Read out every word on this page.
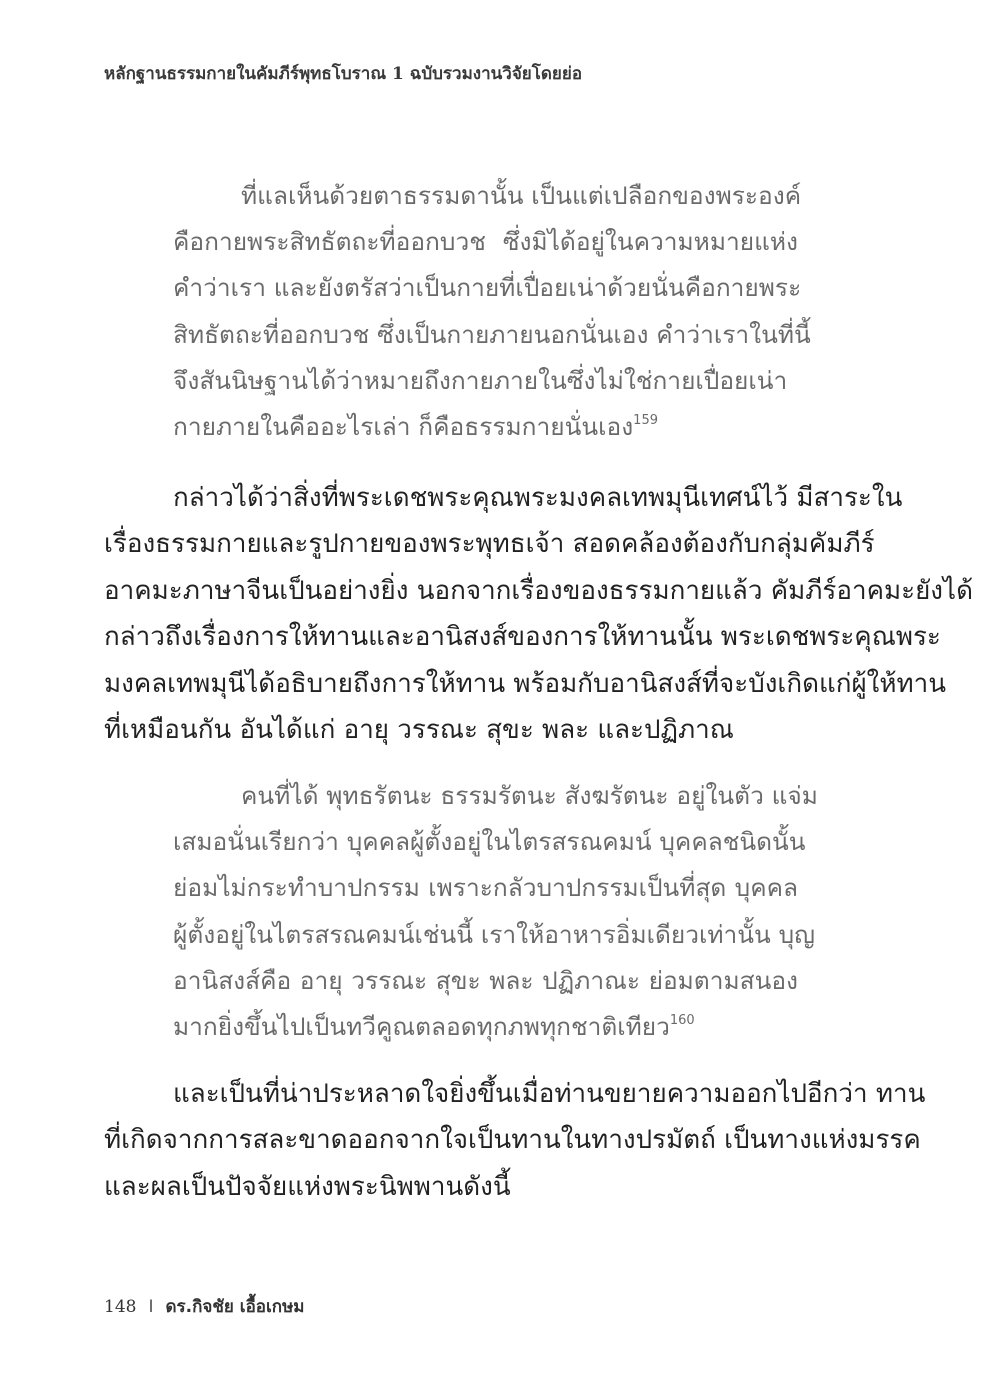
หลักฐานธรรมกายในคัมภีร์พุทธโบราณ 1 ฉบับรวมงานวิจัยโดยย่อ
ที่แลเห็นด้วยตาธรรมดานั้น เป็นแต่เปลือกของพระองค์
คือกายพระสิทธัตถะที่ออกบวช ซึ่งมิได้อยู่ในความหมายแห่ง
คำว่าเรา และยังตรัสว่าเป็นกายที่เปื่อยเน่าด้วยนั่นคือกายพระ
สิทธัตถะที่ออกบวช ซึ่งเป็นกายภายนอกนั่นเอง คำว่าเราในที่นี้
จึงสันนิษฐานได้ว่าหมายถึงกายภายในซึ่งไม่ใช่กายเปื่อยเน่า
กายภายในคืออะไรเล่า ก็คือธรรมกายนั่นเอง$^{159}$
กล่าวได้ว่าสิ่งที่พระเดชพระคุณพระมงคลเทพมุนีเทศน์ไว้ มีสาระใน
เรื่องธรรมกายและรูปกายของพระพุทธเจ้า สอดคล้องต้องกับกลุ่มคัมภีร์
อาคมะภาษาจีนเป็นอย่างยิ่ง นอกจากเรื่องของธรรมกายแล้ว คัมภีร์อาคมะยังได้
กล่าวถึงเรื่องการให้ทานและอานิสงส์ของการให้ทานนั้น พระเดชพระคุณพระ
มงคลเทพมุนีได้อธิบายถึงการให้ทาน พร้อมกับอานิสงส์ที่จะบังเกิดแก่ผู้ให้ทาน
ที่เหมือนกัน อันได้แก่ อายุ วรรณะ สุขะ พละ และปฏิภาณ
คนที่ได้ พุทธรัตนะ ธรรมรัตนะ สังฆรัตนะ อยู่ในตัว แจ่ม
เสมอนั่นเรียกว่า บุคคลผู้ตั้งอยู่ในไตรสรณคมน์ บุคคลชนิดนั้น
ย่อมไม่กระทำบาปกรรม เพราะกลัวบาปกรรมเป็นที่สุด บุคคล
ผู้ตั้งอยู่ในไตรสรณคมน์เช่นนี้ เราให้อาหารอิ่มเดียวเท่านั้น บุญ
อานิสงส์คือ อายุ วรรณะ สุขะ พละ ปฏิภาณะ ย่อมตามสนอง
มากยิ่งขึ้นไปเป็นทวีคูณตลอดทุกภพทุกชาติเทียว$^{160}$
และเป็นที่น่าประหลาดใจยิ่งขึ้นเมื่อท่านขยายความออกไปอีกว่า ทาน
ที่เกิดจากการสละขาดออกจากใจเป็นทานในทางปรมัตถ์ เป็นทางแห่งมรรค
และผลเป็นปัจจัยแห่งพระนิพพานดังนี้
148 I ดร.กิจชัย เอื้อเกษม
